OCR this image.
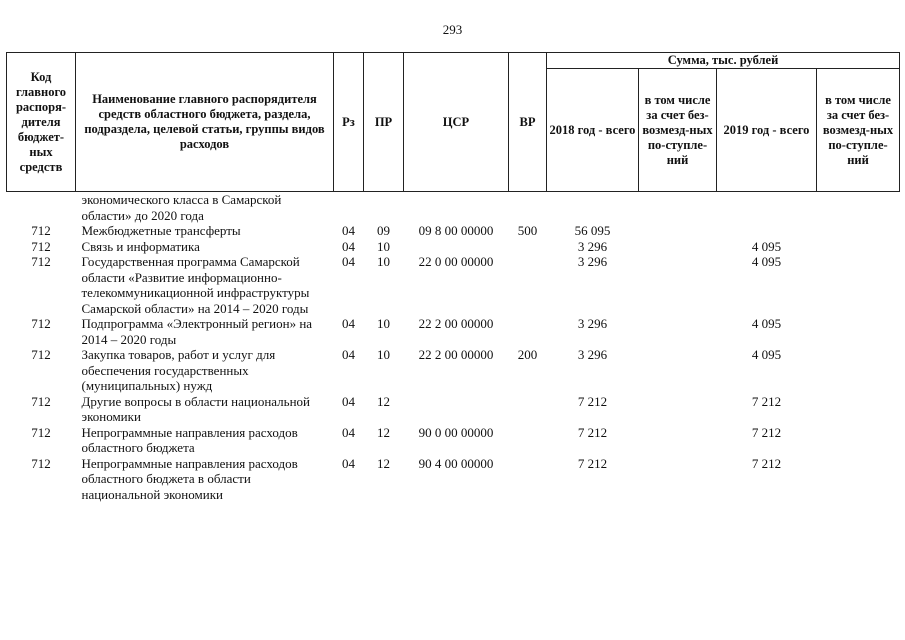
293
Код главного распоря-дителя бюджет-ных средств	Наименование главного распорядителя средств областного бюджета, раздела, подраздела, целевой статьи, группы видов расходов	Рз	ПР	ЦСР	ВР	Сумма, тыс. рублей			
						2018 год - всего	в том числе за счет без-возмезд-ных по-ступле-ний	2019 год - всего	в том числе за счет без-возмезд-ных по-ступле-ний
	экономического класса в Самарской области» до 2020 года								
712	Межбюджетные трансферты	04	09	09 8 00 00000	500	56 095			
712	Связь и информатика	04	10			3 296		4 095	
712	Государственная программа Самарской области «Развитие информационно-телекоммуникационной инфраструктуры Самарской области» на 2014 – 2020 годы	04	10	22 0 00 00000		3 296		4 095	
712	Подпрограмма «Электронный регион» на 2014 – 2020 годы	04	10	22 2 00 00000		3 296		4 095	
712	Закупка товаров, работ и услуг для обеспечения государственных (муниципальных) нужд	04	10	22 2 00 00000	200	3 296		4 095	
712	Другие вопросы в области национальной экономики	04	12			7 212		7 212	
712	Непрограммные направления расходов областного бюджета	04	12	90 0 00 00000		7 212		7 212	
712	Непрограммные направления расходов областного бюджета в области национальной экономики	04	12	90 4 00 00000		7 212		7 212	
